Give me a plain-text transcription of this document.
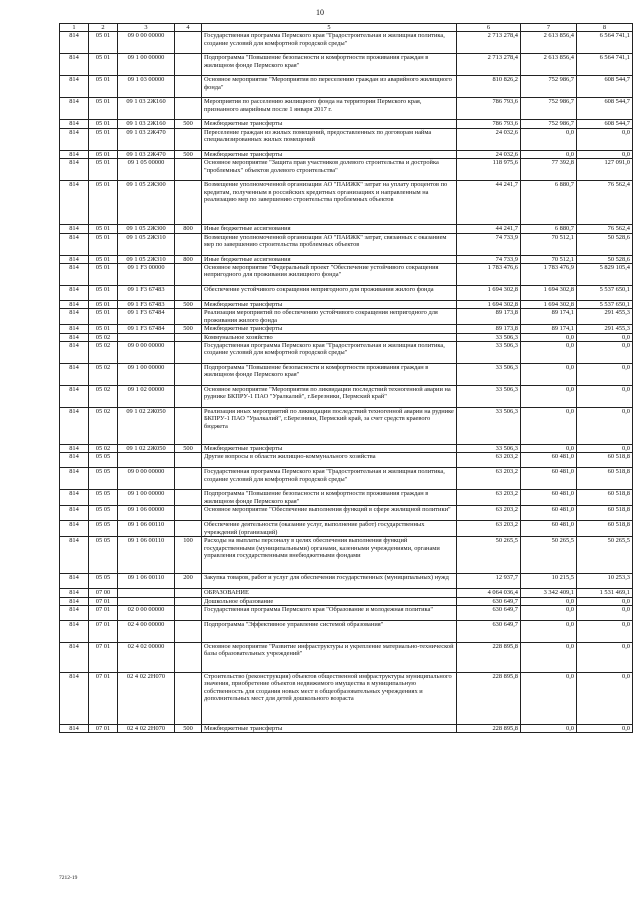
10
1	2	3	4	5	6	7	8
814	05 01	09 0 00 00000		Государственная программа Пермского края "Градостроительная и жилищная политика, создание условий для комфортной городской среды"	2 713 278,4	2 613 856,4	6 564 741,1
814	05 01	09 1 00 00000		Подпрограмма "Повышение безопасности и комфортности проживания граждан в жилищном фонде Пермского края"	2 713 278,4	2 613 856,4	6 564 741,1
814	05 01	09 1 03 00000		Основное мероприятие "Мероприятия по переселению граждан из аварийного жилищного фонда"	810 826,2	752 986,7	608 544,7
814	05 01	09 1 03 2Ж160		Мероприятия по расселению жилищного фонда на территории Пермского края, признанного аварийным после 1 января 2017 г.	786 793,6	752 986,7	608 544,7
814	05 01	09 1 03 2Ж160	500	Межбюджетные трансферты	786 793,6	752 986,7	608 544,7
814	05 01	09 1 03 2Ж470		Переселение граждан из жилых помещений, предоставленных по договорам найма специализированных жилых помещений	24 032,6	0,0	0,0
814	05 01	09 1 03 2Ж470	500	Межбюджетные трансферты	24 032,6	0,0	0,0
814	05 01	09 1 05 00000		Основное мероприятие "Защита прав участников долевого строительства и достройка "проблемных" объектов долевого строительства"	118 975,6	77 392,8	127 091,0
814	05 01	09 1 05 2Ж300		Возмещение уполномоченной организации АО "ПАИЖК" затрат на уплату процентов по кредитам, полученным в российских кредитных организациях и направленным на реализацию мер по завершению строительства проблемных объектов	44 241,7	6 880,7	76 562,4
814	05 01	09 1 05 2Ж300	800	Иные бюджетные ассигнования	44 241,7	6 880,7	76 562,4
814	05 01	09 1 05 2Ж310		Возмещение уполномоченной организации АО "ПАИЖК" затрат, связанных с оказанием мер по завершению строительства проблемных объектов	74 733,9	70 512,1	50 528,6
814	05 01	09 1 05 2Ж310	800	Иные бюджетные ассигнования	74 733,9	70 512,1	50 528,6
814	05 01	09 1 F3 00000		Основное мероприятие "Федеральный проект "Обеспечение устойчивого сокращения непригодного для проживания жилищного фонда"	1 783 476,6	1 783 476,9	5 829 105,4
814	05 01	09 1 F3 67483		Обеспечение устойчивого сокращения непригодного для проживания жилого фонда	1 694 302,8	1 694 302,8	5 537 650,1
814	05 01	09 1 F3 67483	500	Межбюджетные трансферты	1 694 302,8	1 694 302,8	5 537 650,1
814	05 01	09 1 F3 67484		Реализация мероприятий по обеспечению устойчивого сокращения непригодного для проживания жилого фонда	89 173,8	89 174,1	291 455,3
814	05 01	09 1 F3 67484	500	Межбюджетные трансферты	89 173,8	89 174,1	291 455,3
814	05 02			Коммунальное хозяйство	33 506,3	0,0	0,0
814	05 02	09 0 00 00000		Государственная программа Пермского края "Градостроительная и жилищная политика, создание условий для комфортной городской среды"	33 506,3	0,0	0,0
814	05 02	09 1 00 00000		Подпрограмма "Повышение безопасности и комфортности проживания граждан в жилищном фонде Пермского края"	33 506,3	0,0	0,0
814	05 02	09 1 02 00000		Основное мероприятие "Мероприятия по ликвидации последствий техногенной аварии на руднике БКПРУ-1 ПАО "Уралкалий", г.Березники, Пермский край"	33 506,3	0,0	0,0
814	05 02	09 1 02 2Ж050		Реализация иных мероприятий по ликвидации последствий техногенной аварии на руднике БКПРУ-1 ПАО "Уралкалий", г.Березники, Пермский край, за счет средств краевого бюджета	33 506,3	0,0	0,0
814	05 02	09 1 02 2Ж050	500	Межбюджетные трансферты	33 506,3	0,0	0,0
814	05 05			Другие вопросы в области жилищно-коммунального хозяйства	63 203,2	60 481,0	60 518,8
814	05 05	09 0 00 00000		Государственная программа Пермского края "Градостроительная и жилищная политика, создание условий для комфортной городской среды"	63 203,2	60 481,0	60 518,8
814	05 05	09 1 00 00000		Подпрограмма "Повышение безопасности и комфортности проживания граждан в жилищном фонде Пермского края"	63 203,2	60 481,0	60 518,8
814	05 05	09 1 06 00000		Основное мероприятие "Обеспечение выполнения функций в сфере жилищной политики"	63 203,2	60 481,0	60 518,8
814	05 05	09 1 06 00110		Обеспечение деятельности (оказание услуг, выполнение работ) государственных учреждений (организаций)	63 203,2	60 481,0	60 518,8
814	05 05	09 1 06 00110	100	Расходы на выплаты персоналу в целях обеспечения выполнения функций государственными (муниципальными) органами, казенными учреждениями, органами управления государственными внебюджетными фондами	50 265,5	50 265,5	50 265,5
814	05 05	09 1 06 00110	200	Закупка товаров, работ и услуг для обеспечения государственных (муниципальных) нужд	12 937,7	10 215,5	10 253,3
814	07 00			ОБРАЗОВАНИЕ	4 064 036,4	3 342 409,1	1 531 469,1
814	07 01			Дошкольное образование	630 649,7	0,0	0,0
814	07 01	02 0 00 00000		Государственная программа Пермского края "Образование и молодежная политика"	630 649,7	0,0	0,0
814	07 01	02 4 00 00000		Подпрограмма "Эффективное управление системой образования"	630 649,7	0,0	0,0
814	07 01	02 4 02 00000		Основное мероприятие "Развитие инфраструктуры и укрепление материально-технической базы образовательных учреждений"	228 895,8	0,0	0,0
814	07 01	02 4 02 2Н070		Строительство (реконструкция) объектов общественной инфраструктуры муниципального значения, приобретение объектов недвижимого имущества в муниципальную собственность для создания новых мест в общеобразовательных учреждениях и дополнительных мест для детей дошкольного возраста	228 895,8	0,0	0,0
814	07 01	02 4 02 2Н070	500	Межбюджетные трансферты	228 895,8	0,0	0,0
7212-19
